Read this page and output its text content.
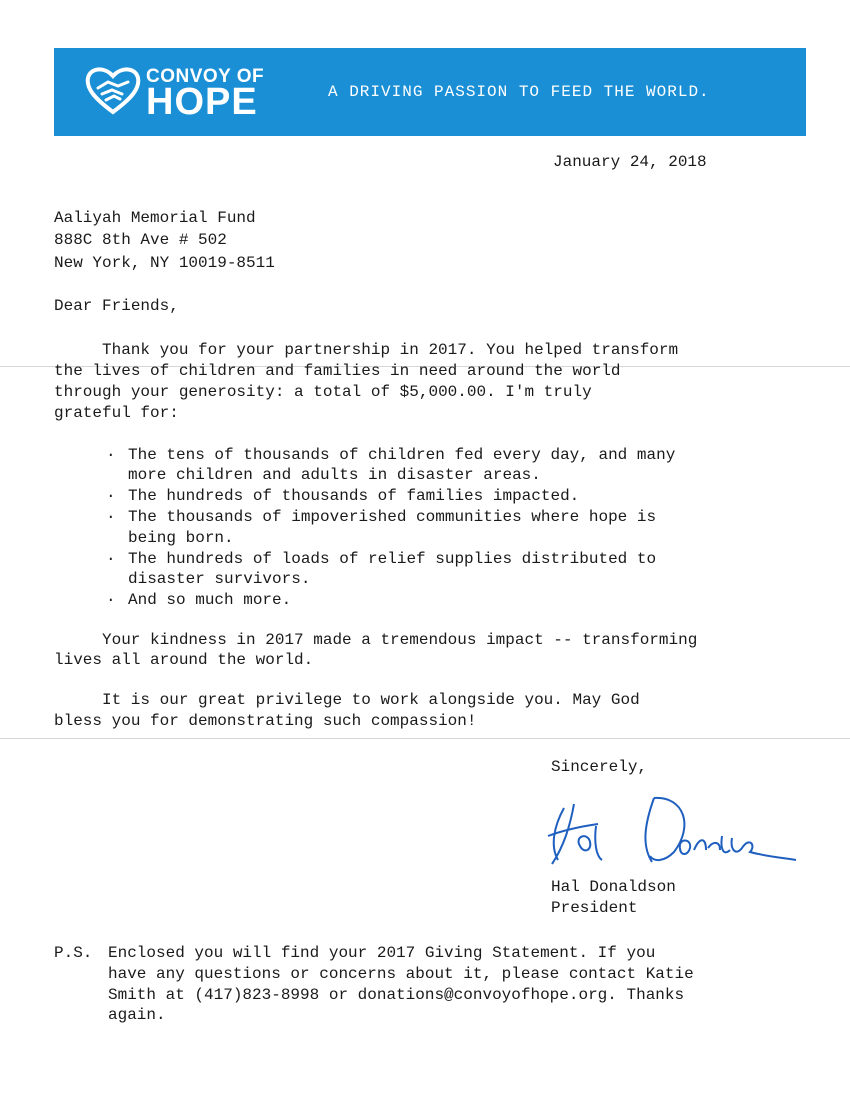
CONVOY OF
HOPE	A DRIVING PASSION TO FEED THE WORLD.
January 24, 2018
Aaliyah Memorial Fund
888C 8th Ave # 502
New York, NY 10019-8511
Dear Friends,
Thank you for your partnership in 2017. You helped transform
the lives of children and families in need around the world
through your generosity: a total of $5,000.00. I'm truly
grateful for:
· The tens of thousands of children fed every day, and many
more children and adults in disaster areas.
· The hundreds of thousands of families impacted.
· The thousands of impoverished communities where hope is
being born.
· The hundreds of loads of relief supplies distributed to
disaster survivors.
· And so much more.
Your kindness in 2017 made a tremendous impact -- transforming
lives all around the world.
It is our great privilege to work alongside you. May God
bless you for demonstrating such compassion!
Sincerely,
Hal Donaldson
President
P.S. Enclosed you will find your 2017 Giving Statement. If you
have any questions or concerns about it, please contact Katie
Smith at (417)823-8998 or donations@convoyofhope.org. Thanks
again.
